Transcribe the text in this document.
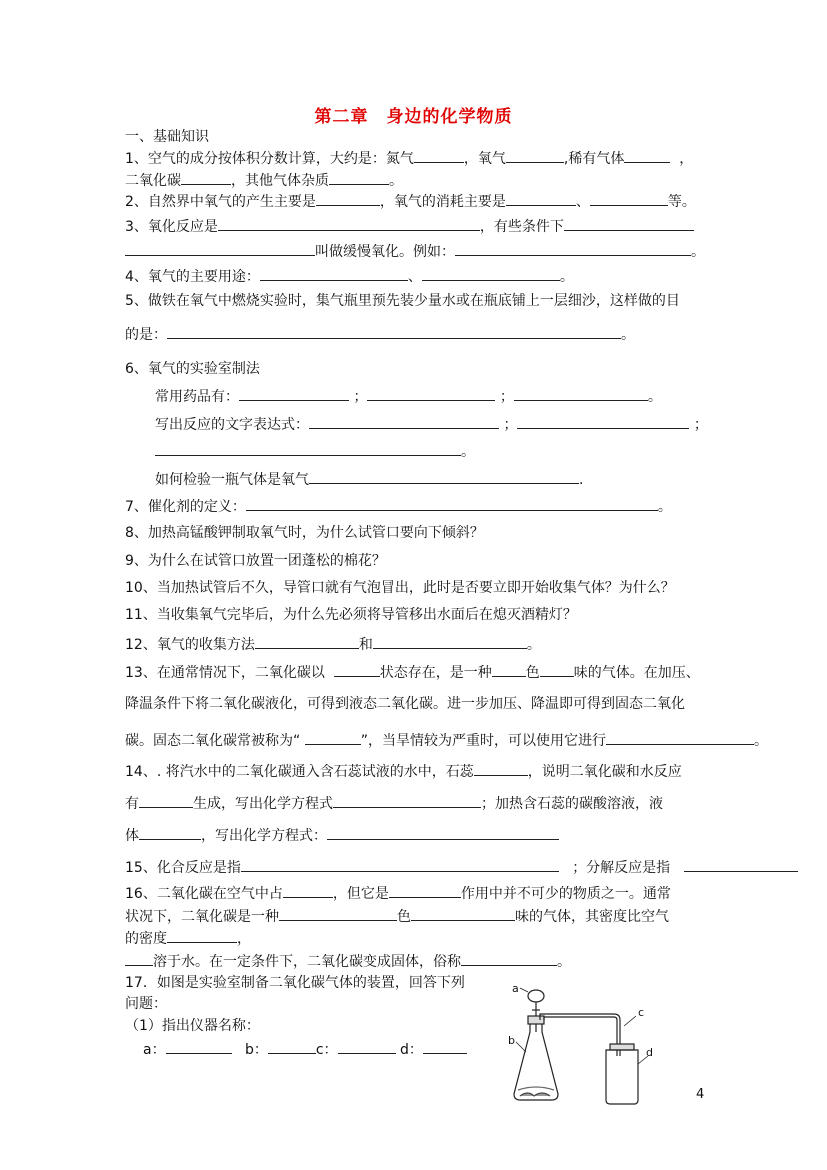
第二章　身边的化学物质
一、基础知识
1、空气的成分按体积分数计算，大约是：氮气	，氧气	,稀有气体	，
二氧化碳	，其他气体杂质	。
2、自然界中氧气的产生主要是	，氧气的消耗主要是	、	等。
3、氧化反应是	，有些条件下
叫做缓慢氧化。例如：	。
4、氧气的主要用途：	、	。
5、做铁在氧气中燃烧实验时，集气瓶里预先装少量水或在瓶底铺上一层细沙，这样做的目
的是：	。
6、氧气的实验室制法
常用药品有：	；	；	。
写出反应的文字表达式：	；	；
。
如何检验一瓶气体是氧气	.
7、催化剂的定义：	。
8、加热高锰酸钾制取氧气时，为什么试管口要向下倾斜？
9、为什么在试管口放置一团蓬松的棉花？
10、当加热试管后不久，导管口就有气泡冒出，此时是否要立即开始收集气体？为什么？
11、当收集氧气完毕后，为什么先必须将导管移出水面后在熄灭酒精灯？
12、氧气的收集方法	和	。
13、在通常情况下，二氧化碳以	状态存在，是一种 色 味的气体。在加压、
降温条件下将二氧化碳液化，可得到液态二氧化碳。进一步加压、降温即可得到固态二氧化
碳。固态二氧化碳常被称为“	”，当旱情较为严重时，可以使用它进行	。
14、. 将汽水中的二氧化碳通入含石蕊试液的水中，石蕊	，说明二氧化碳和水反应
有	生成，写出化学方程式	；加热含石蕊的碳酸溶液，液
体	，写出化学方程式：
15、化合反应是指	；分解反应是指
16、二氧化碳在空气中占	，但它是	作用中并不可少的物质之一。通常
状况下，二氧化碳是一种	色	味的气体，其密度比空气
的密度	，
溶于水。在一定条件下，二氧化碳变成固体，俗称	。
17．如图是实验室制备二氧化碳气体的装置，回答下列
问题：
（1）指出仪器名称：
a：	b：	c：	d：
a
b
c
d
4
